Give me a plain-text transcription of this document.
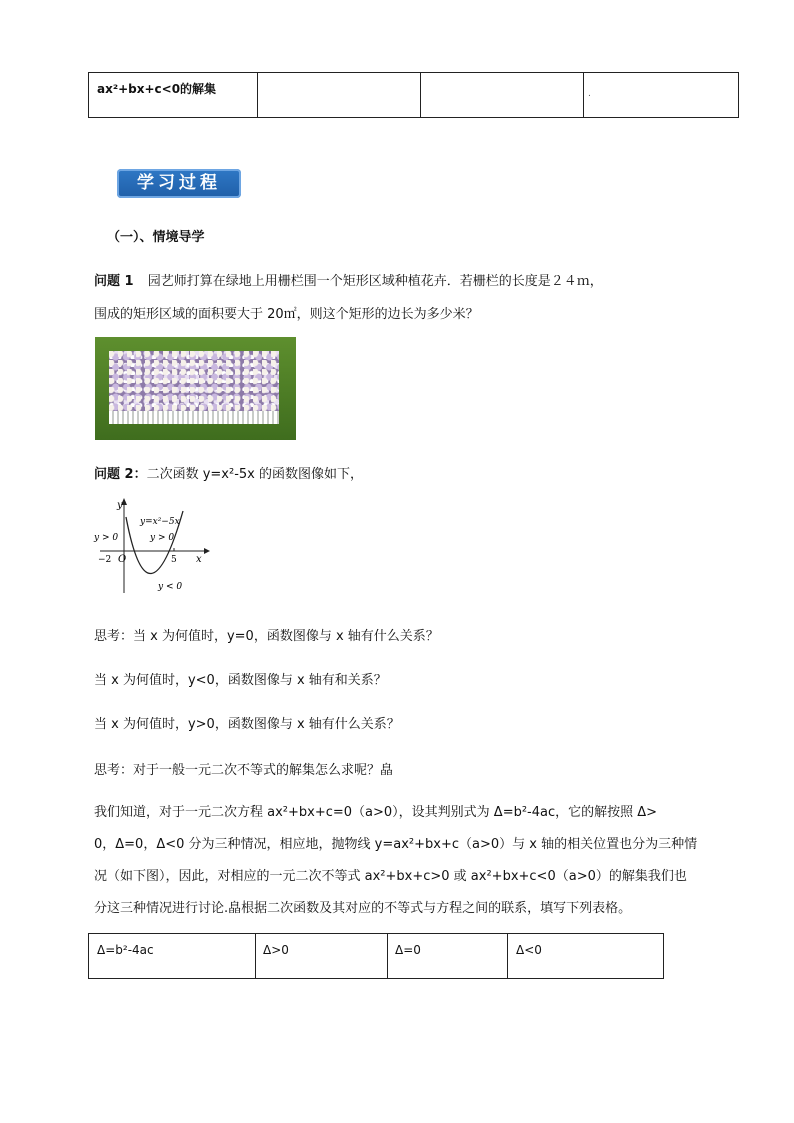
ax²+bx+c<0的解集			.
学习过程
（一）、情境导学
问题 1 园艺师打算在绿地上用栅栏围一个矩形区域种植花卉．若栅栏的长度是２４ｍ，
围成的矩形区域的面积要大于 20㎡，则这个矩形的边长为多少米？
问题 2：二次函数 y=x²-5x 的函数图像如下，
y
x
O
−2	5
y=x²−5x
y > 0	y > 0
y < 0
思考：当 x 为何值时，y=0，函数图像与 x 轴有什么关系？
当 x 为何值时，y<0，函数图像与 x 轴有和关系？
当 x 为何值时，y>0，函数图像与 x 轴有什么关系？
思考：对于一般一元二次不等式的解集怎么求呢？皛
我们知道，对于一元二次方程 ax²+bx+c=0（a>0），设其判别式为 Δ=b²-4ac，它的解按照 Δ>
0，Δ=0，Δ<0 分为三种情况，相应地，抛物线 y=ax²+bx+c（a>0）与 x 轴的相关位置也分为三种情
况（如下图），因此，对相应的一元二次不等式 ax²+bx+c>0 或 ax²+bx+c<0（a>0）的解集我们也
分这三种情况进行讨论.皛根据二次函数及其对应的不等式与方程之间的联系，填写下列表格。
Δ=b²-4ac	Δ>0	Δ=0	Δ<0
